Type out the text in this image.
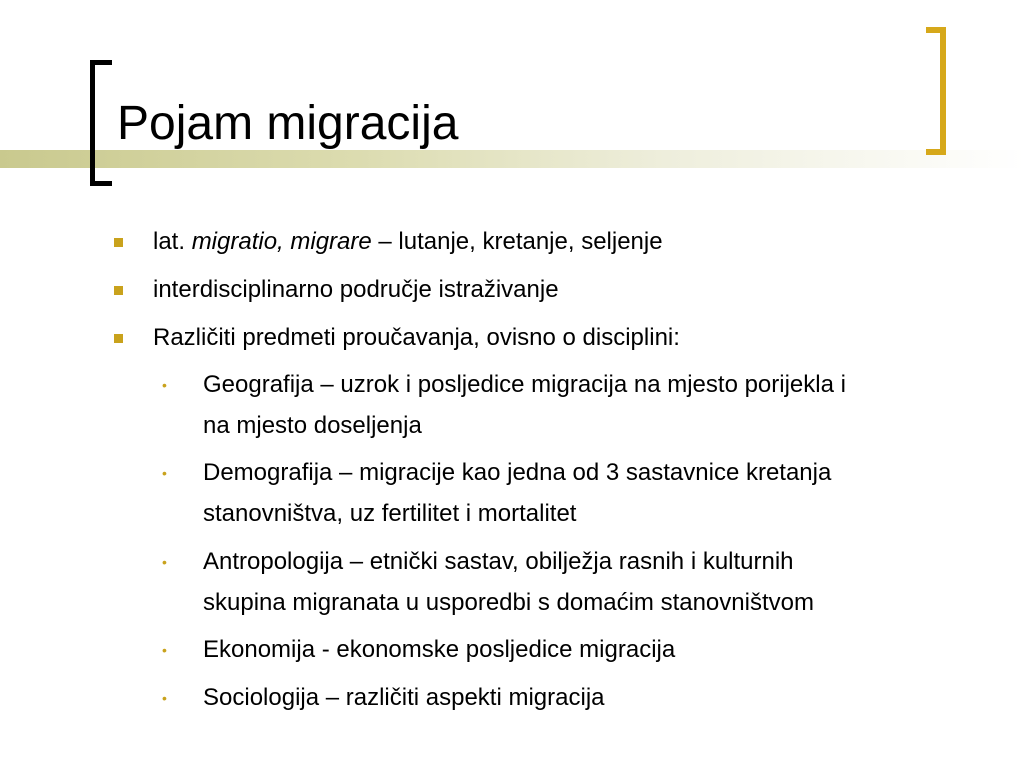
Pojam migracija
lat. migratio, migrare – lutanje, kretanje, seljenje
interdisciplinarno područje istraživanje
Različiti predmeti proučavanja, ovisno o disciplini:
• Geografija – uzrok i posljedice migracija na mjesto porijekla i
na mjesto doseljenja
• Demografija – migracije kao jedna od 3 sastavnice kretanja
stanovništva, uz fertilitet i mortalitet
• Antropologija – etnički sastav, obilježja rasnih i kulturnih
skupina migranata u usporedbi s domaćim stanovništvom
• Ekonomija - ekonomske posljedice migracija
• Sociologija – različiti aspekti migracija
